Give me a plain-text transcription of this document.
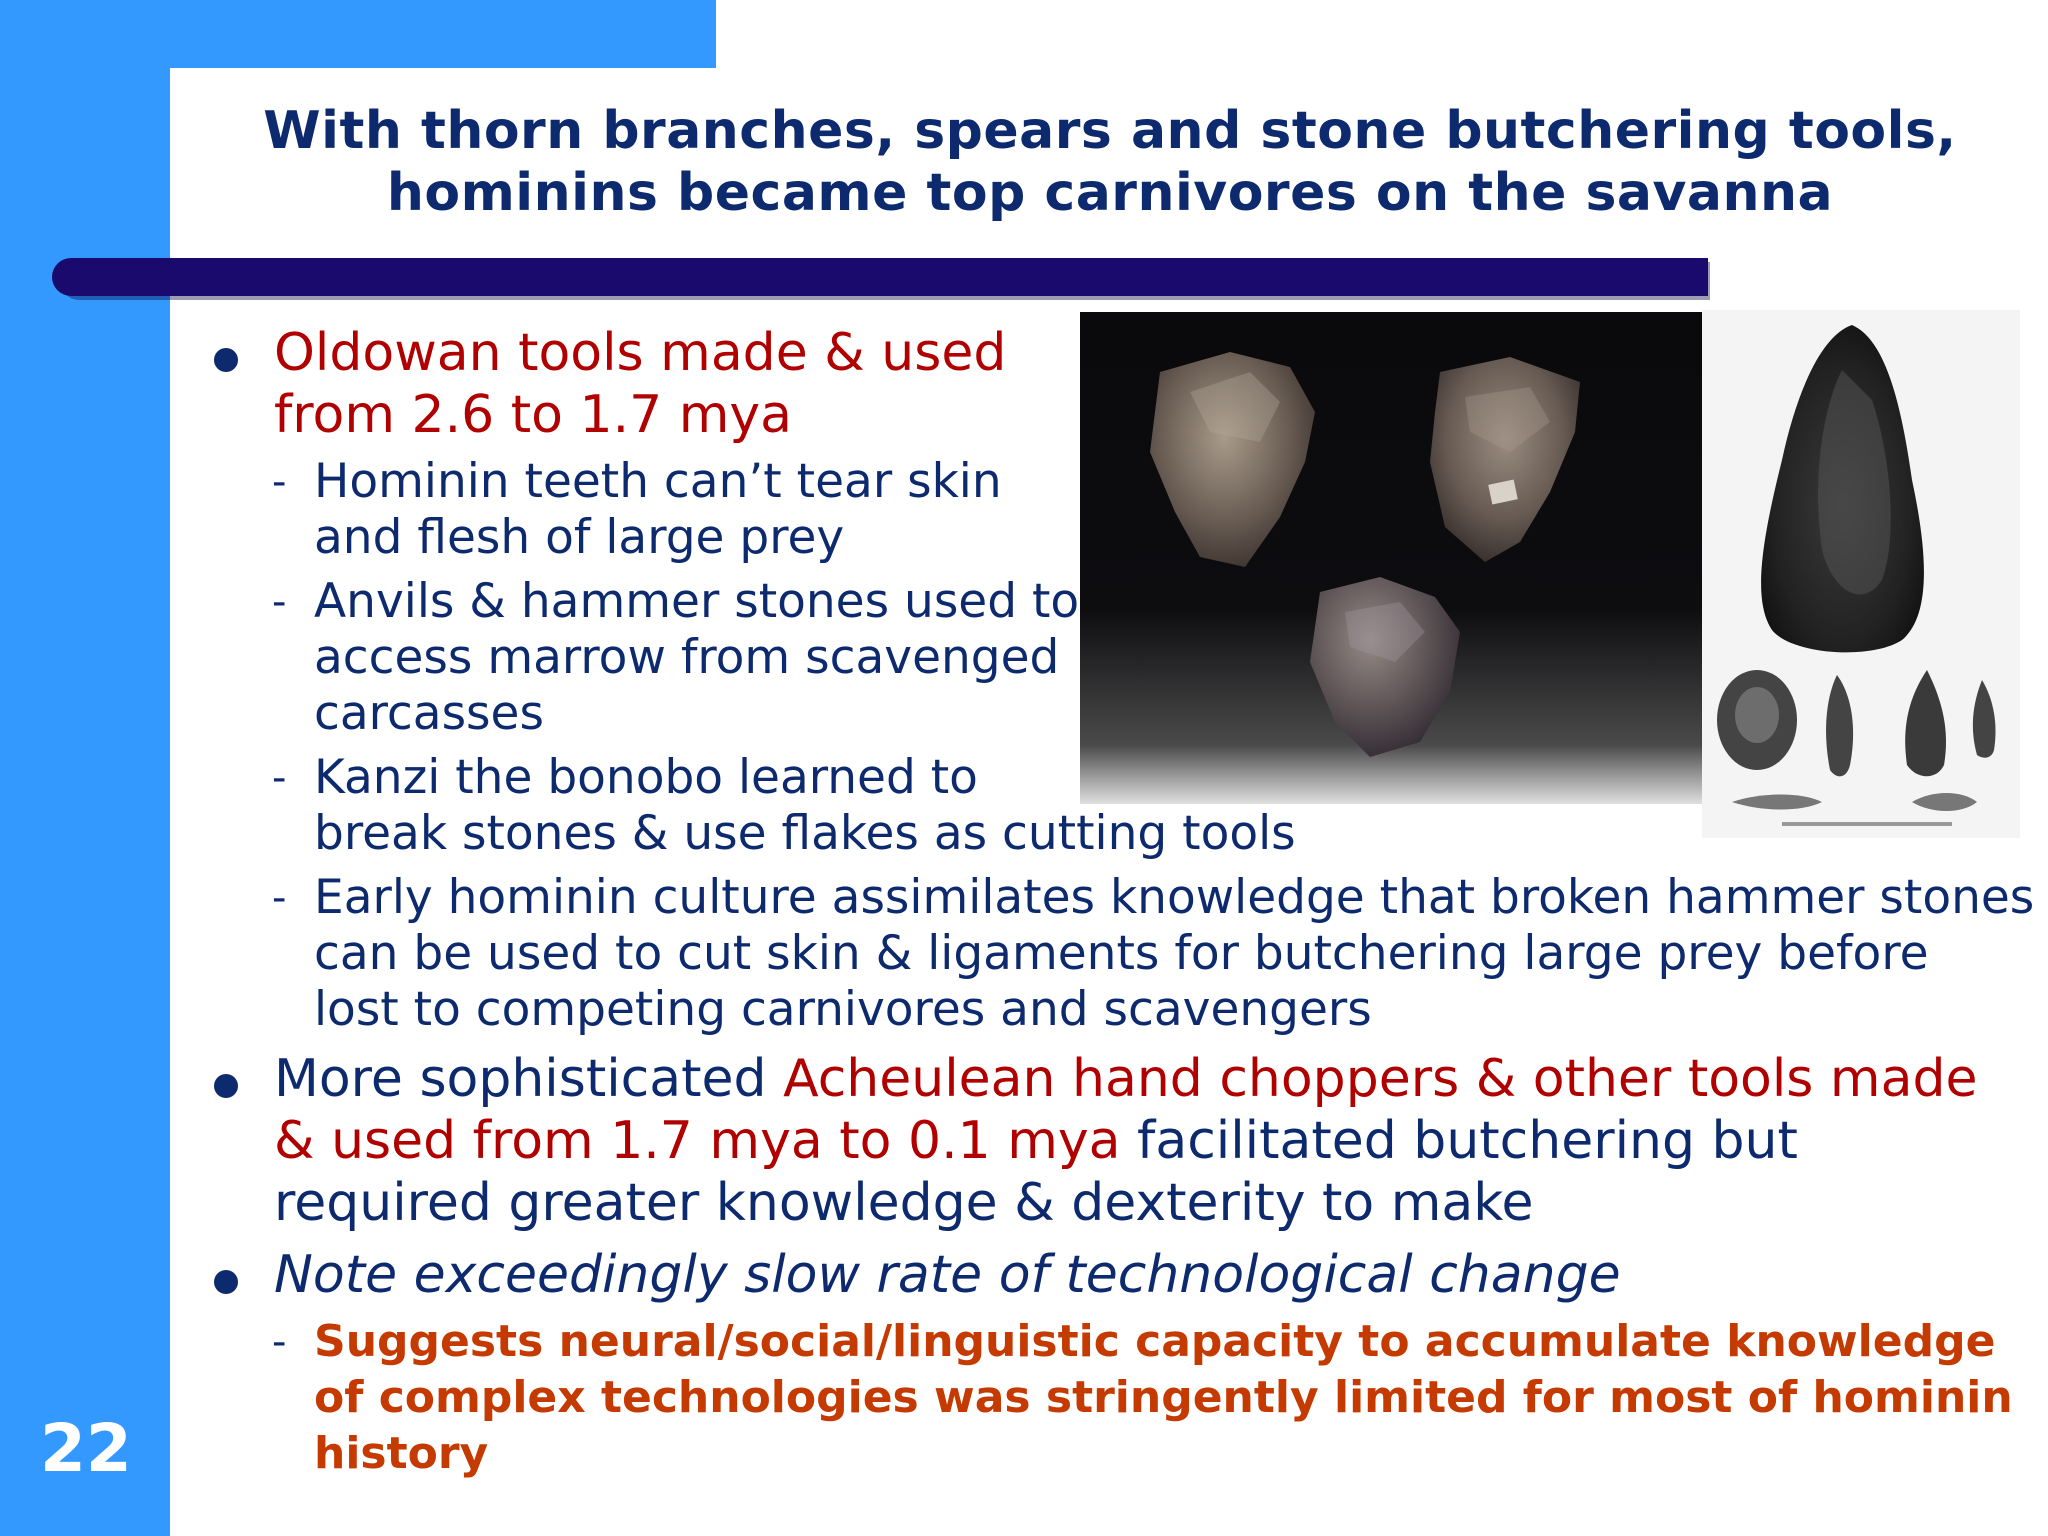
With thorn branches, spears and stone butchering tools,
hominins became top carnivores on the savanna
Oldowan tools made & used
from 2.6 to 1.7 mya
- Hominin teeth can’t tear skin
and flesh of large prey
- Anvils & hammer stones used to
access marrow from scavenged
carcasses
- Kanzi the bonobo learned to
break stones & use flakes as cutting tools
- Early hominin culture assimilates knowledge that broken hammer stones
can be used to cut skin & ligaments for butchering large prey before
lost to competing carnivores and scavengers
More sophisticated Acheulean hand choppers & other tools made
& used from 1.7 mya to 0.1 mya facilitated butchering but
required greater knowledge & dexterity to make
Note exceedingly slow rate of technological change
- Suggests neural/social/linguistic capacity to accumulate knowledge
of complex technologies was stringently limited for most of hominin
history
22
